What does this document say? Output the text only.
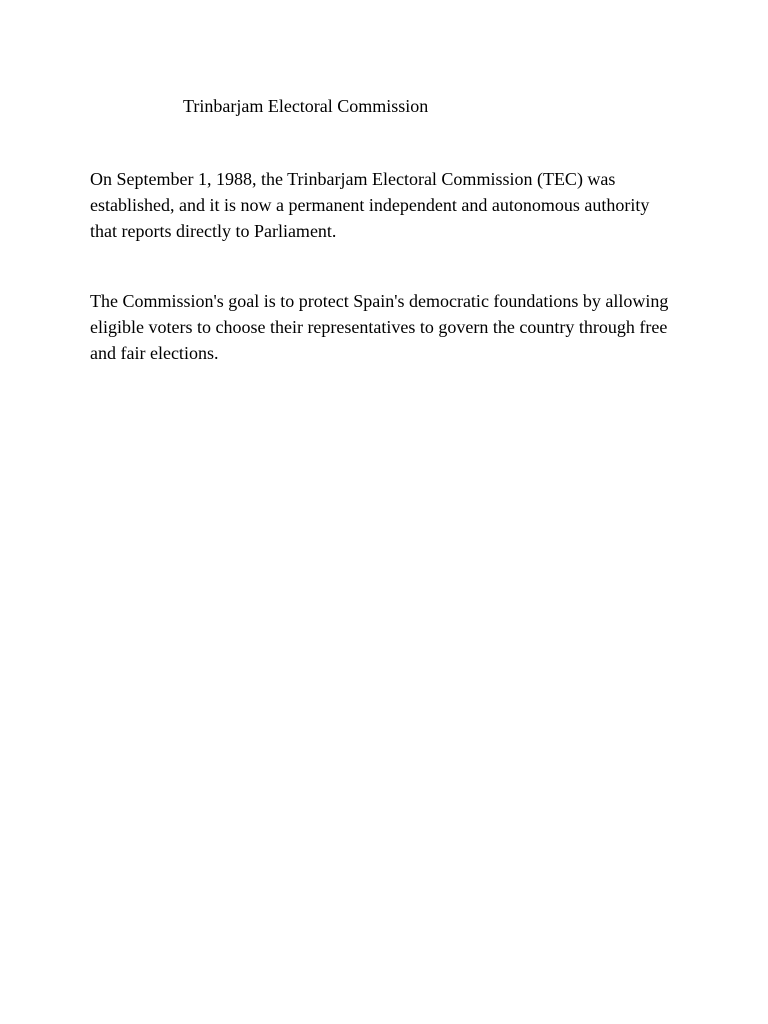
Trinbarjam Electoral Commission

On September 1, 1988, the Trinbarjam Electoral Commission (TEC) was established, and it is now a permanent independent and autonomous authority that reports directly to Parliament.

The Commission's goal is to protect Spain's democratic foundations by allowing eligible voters to choose their representatives to govern the country through free and fair elections.
